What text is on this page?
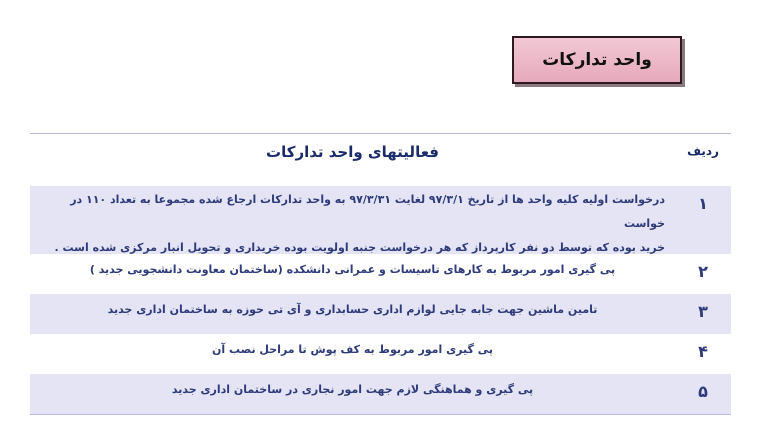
واحد تدارکات
ردیف
فعالیتهای واحد تدارکات
۱
درخواست اولیه کلیه واحد ها از تاریخ ۹۷/۳/۱ لغایت ۹۷/۳/۳۱ به واحد تدارکات ارجاع شده مجموعا به تعداد ۱۱۰ در خواست
خرید بوده که توسط دو نفر کارپرداز که هر درخواست جنبه اولویت بوده خریداری و تحویل انبار مرکزی شده است .
۲
پی گیری امور مربوط به کارهای تاسیسات و عمرانی دانشکده (ساختمان معاونت دانشجویی جدید )
۳
تامین ماشین جهت جابه جایی لوازم اداری حسابداری و آی تی حوزه به ساختمان اداری جدید
۴
پی گیری امور مربوط به کف پوش تا مراحل نصب آن
۵
پی گیری و هماهنگی لازم جهت امور نجاری در ساختمان اداری جدید
